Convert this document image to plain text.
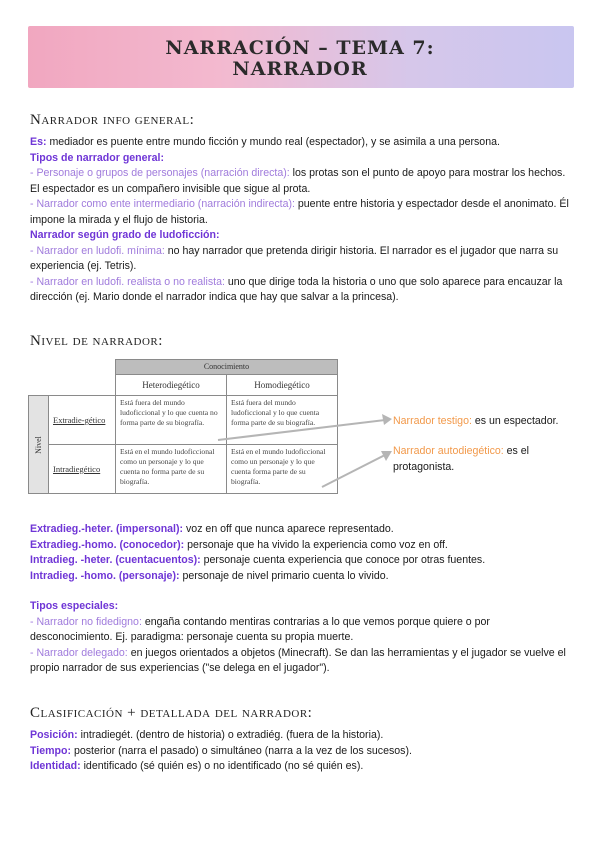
NARRACIÓN – TEMA 7:
NARRADOR
Narrador info general:

Es: mediador es puente entre mundo ficción y mundo real (espectador), y se asimila a una persona.

Tipos de narrador general:

- Personaje o grupos de personajes (narración directa): los protas son el punto de apoyo para mostrar los hechos. El espectador es un compañero invisible que sigue al prota.

- Narrador como ente intermediario (narración indirecta): puente entre historia y espectador desde el anonimato. Él impone la mirada y el flujo de historia.

Narrador según grado de ludoficción:

- Narrador en ludofi. mínima: no hay narrador que pretenda dirigir historia. El narrador es el jugador que narra su experiencia (ej. Tetris).

- Narrador en ludofi. realista o no realista: uno que dirige toda la historia o uno que solo aparece para encauzar la dirección (ej. Mario donde el narrador indica que hay que salvar a la princesa).

Nivel de narrador:
		Conocimiento	
		Heterodiegético	Homodiegético
Nivel	Extradie-gético	Está fuera del mundo ludoficcional y lo que cuenta no forma parte de su biografía.	Está fuera del mundo ludoficcional y lo que cuenta forma parte de su biografía.
	Intradiegético	Está en el mundo ludoficcional como un personaje y lo que cuenta no forma parte de su biografía.	Está en el mundo ludoficcional como un personaje y lo que cuenta forma parte de su biografía.
Narrador testigo: es un espectador.
Narrador autodiegético: es el protagonista.

Extradieg.-heter. (impersonal): voz en off que nunca aparece representado.

Extradieg.-homo. (conocedor): personaje que ha vivido la experiencia como voz en off.

Intradieg. -heter. (cuentacuentos): personaje cuenta experiencia que conoce por otras fuentes.

Intradieg. -homo. (personaje): personaje de nivel primario cuenta lo vivido.

Tipos especiales:

- Narrador no fidedigno: engaña contando mentiras contrarias a lo que vemos porque quiere o por desconocimiento. Ej. paradigma: personaje cuenta su propia muerte.

- Narrador delegado: en juegos orientados a objetos (Minecraft). Se dan las herramientas y el jugador se vuelve el propio narrador de sus experiencias ("se delega en el jugador").

Clasificación + detallada del narrador:

Posición: intradiegét. (dentro de historia) o extradiég. (fuera de la historia).

Tiempo: posterior (narra el pasado) o simultáneo (narra a la vez de los sucesos).

Identidad: identificado (sé quién es) o no identificado (no sé quién es).
